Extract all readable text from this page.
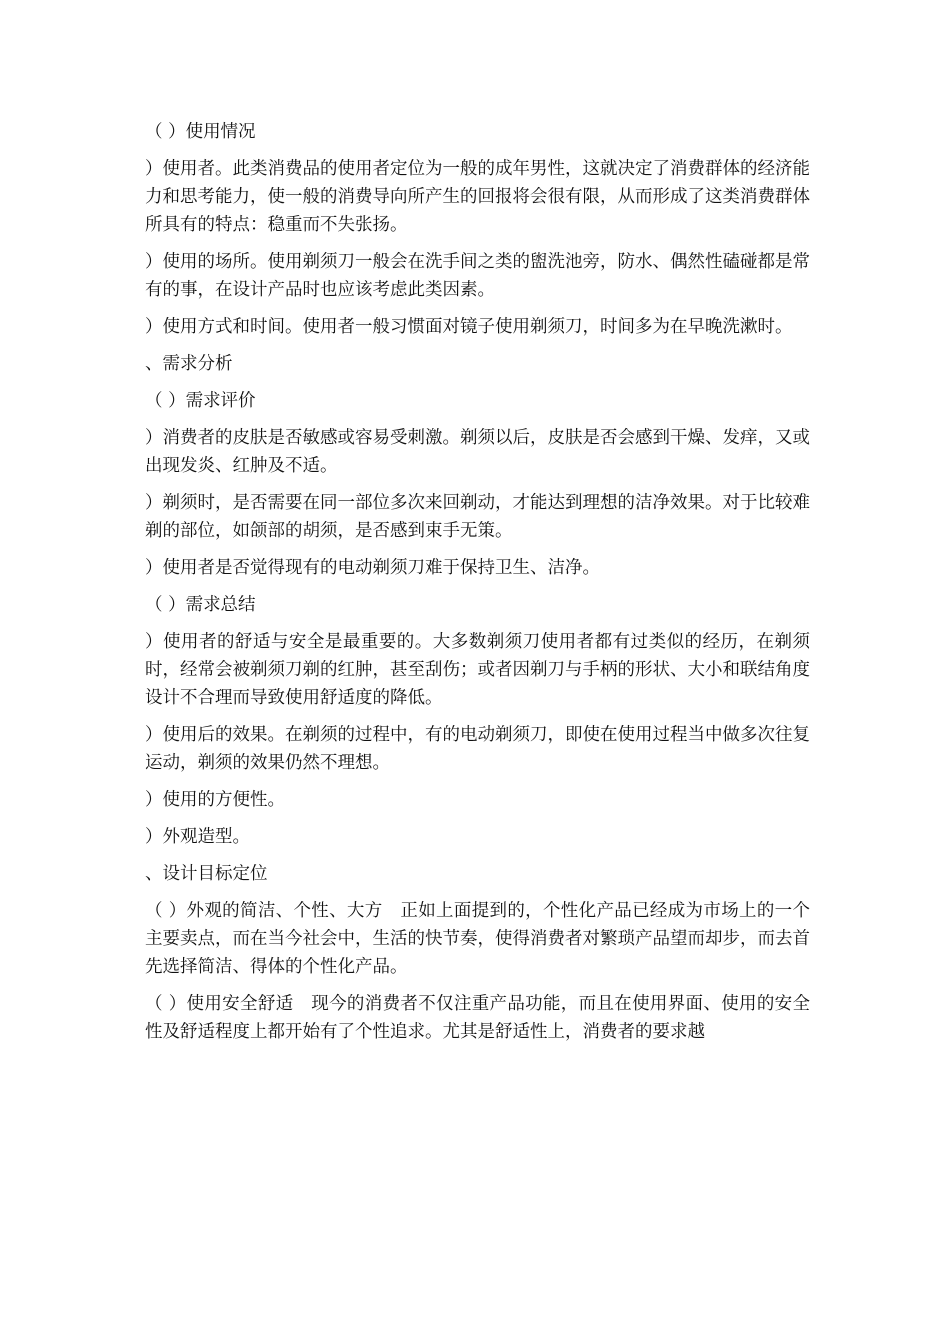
（ ）使用情况

）使用者。此类消费品的使用者定位为一般的成年男性，这就决定了消费群体的经济能力和思考能力，使一般的消费导向所产生的回报将会很有限，从而形成了这类消费群体所具有的特点：稳重而不失张扬。

）使用的场所。使用剃须刀一般会在洗手间之类的盥洗池旁，防水、偶然性磕碰都是常有的事，在设计产品时也应该考虑此类因素。

）使用方式和时间。使用者一般习惯面对镜子使用剃须刀，时间多为在早晚洗漱时。

、需求分析

（ ）需求评价

）消费者的皮肤是否敏感或容易受刺激。剃须以后，皮肤是否会感到干燥、发痒，又或出现发炎、红肿及不适。

）剃须时，是否需要在同一部位多次来回剃动，才能达到理想的洁净效果。对于比较难剃的部位，如颌部的胡须，是否感到束手无策。

）使用者是否觉得现有的电动剃须刀难于保持卫生、洁净。

（ ）需求总结

）使用者的舒适与安全是最重要的。大多数剃须刀使用者都有过类似的经历，在剃须时，经常会被剃须刀剃的红肿，甚至刮伤；或者因剃刀与手柄的形状、大小和联结角度设计不合理而导致使用舒适度的降低。

）使用后的效果。在剃须的过程中，有的电动剃须刀，即使在使用过程当中做多次往复运动，剃须的效果仍然不理想。

）使用的方便性。

）外观造型。

、设计目标定位

（ ）外观的简洁、个性、大方　正如上面提到的，个性化产品已经成为市场上的一个主要卖点，而在当今社会中，生活的快节奏，使得消费者对繁琐产品望而却步，而去首先选择简洁、得体的个性化产品。

（ ）使用安全舒适　现今的消费者不仅注重产品功能，而且在使用界面、使用的安全性及舒适程度上都开始有了个性追求。尤其是舒适性上，消费者的要求越
